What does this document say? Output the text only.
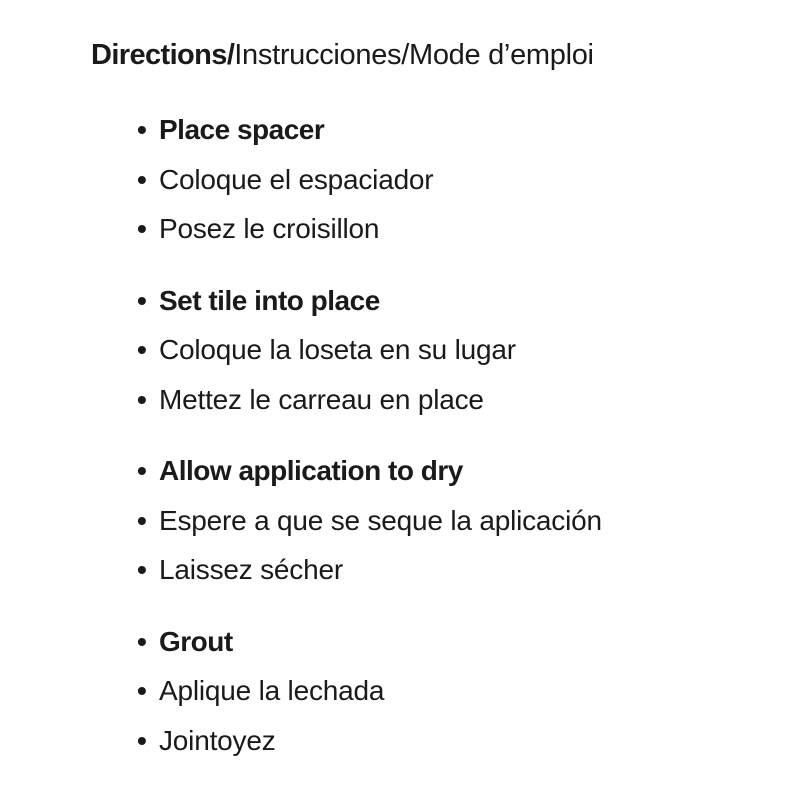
Directions/Instrucciones/Mode d’emploi
• Place spacer
• Coloque el espaciador
• Posez le croisillon
• Set tile into place
• Coloque la loseta en su lugar
• Mettez le carreau en place
• Allow application to dry
• Espere a que se seque la aplicación
• Laissez sécher
• Grout
• Aplique la lechada
• Jointoyez
